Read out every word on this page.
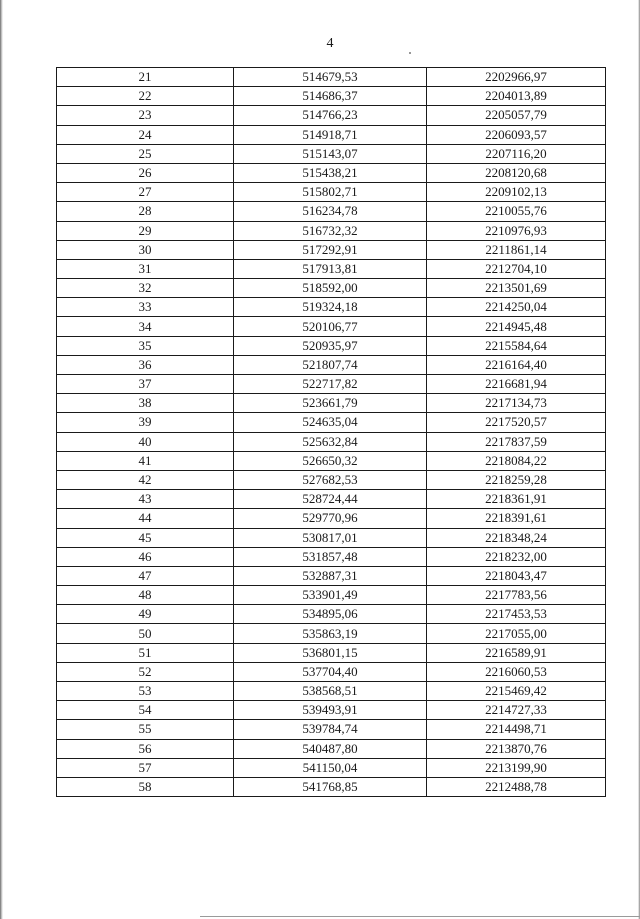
4
21	514679,53	2202966,97
22	514686,37	2204013,89
23	514766,23	2205057,79
24	514918,71	2206093,57
25	515143,07	2207116,20
26	515438,21	2208120,68
27	515802,71	2209102,13
28	516234,78	2210055,76
29	516732,32	2210976,93
30	517292,91	2211861,14
31	517913,81	2212704,10
32	518592,00	2213501,69
33	519324,18	2214250,04
34	520106,77	2214945,48
35	520935,97	2215584,64
36	521807,74	2216164,40
37	522717,82	2216681,94
38	523661,79	2217134,73
39	524635,04	2217520,57
40	525632,84	2217837,59
41	526650,32	2218084,22
42	527682,53	2218259,28
43	528724,44	2218361,91
44	529770,96	2218391,61
45	530817,01	2218348,24
46	531857,48	2218232,00
47	532887,31	2218043,47
48	533901,49	2217783,56
49	534895,06	2217453,53
50	535863,19	2217055,00
51	536801,15	2216589,91
52	537704,40	2216060,53
53	538568,51	2215469,42
54	539493,91	2214727,33
55	539784,74	2214498,71
56	540487,80	2213870,76
57	541150,04	2213199,90
58	541768,85	2212488,78
